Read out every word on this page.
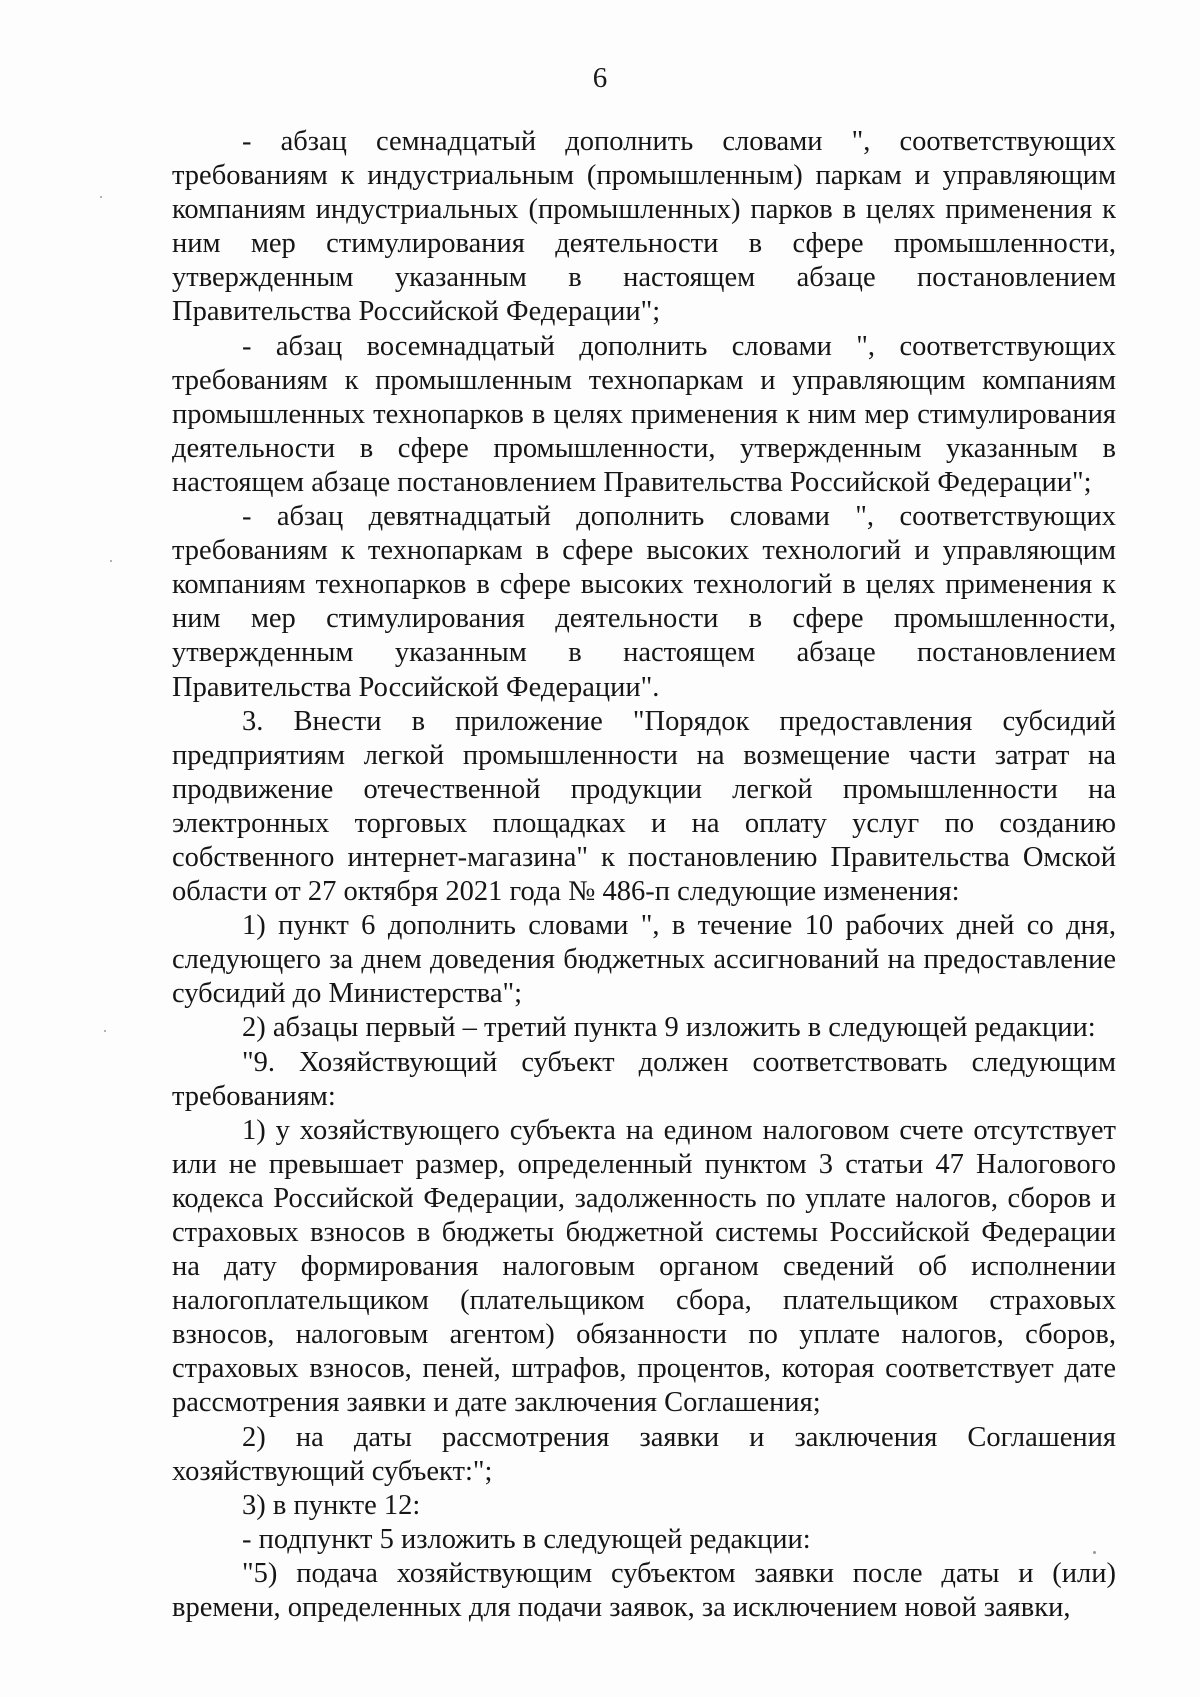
6

- абзац семнадцатый дополнить словами ", соответствующих требованиям к индустриальным (промышленным) паркам и управляющим компаниям индустриальных (промышленных) парков в целях применения к ним мер стимулирования деятельности в сфере промышленности, утвержденным указанным в настоящем абзаце постановлением Правительства Российской Федерации";

- абзац восемнадцатый дополнить словами ", соответствующих требованиям к промышленным технопаркам и управляющим компаниям промышленных технопарков в целях применения к ним мер стимулирования деятельности в сфере промышленности, утвержденным указанным в настоящем абзаце постановлением Правительства Российской Федерации";

- абзац девятнадцатый дополнить словами ", соответствующих требованиям к технопаркам в сфере высоких технологий и управляющим компаниям технопарков в сфере высоких технологий в целях применения к ним мер стимулирования деятельности в сфере промышленности, утвержденным указанным в настоящем абзаце постановлением Правительства Российской Федерации".

3. Внести в приложение "Порядок предоставления субсидий предприятиям легкой промышленности на возмещение части затрат на продвижение отечественной продукции легкой промышленности на электронных торговых площадках и на оплату услуг по созданию собственного интернет-магазина" к постановлению Правительства Омской области от 27 октября 2021 года № 486-п следующие изменения:

1) пункт 6 дополнить словами ", в течение 10 рабочих дней со дня, следующего за днем доведения бюджетных ассигнований на предоставление субсидий до Министерства";

2) абзацы первый – третий пункта 9 изложить в следующей редакции:

"9. Хозяйствующий субъект должен соответствовать следующим требованиям:

1) у хозяйствующего субъекта на едином налоговом счете отсутствует или не превышает размер, определенный пунктом 3 статьи 47 Налогового кодекса Российской Федерации, задолженность по уплате налогов, сборов и страховых взносов в бюджеты бюджетной системы Российской Федерации на дату формирования налоговым органом сведений об исполнении налогоплательщиком (плательщиком сбора, плательщиком страховых взносов, налоговым агентом) обязанности по уплате налогов, сборов, страховых взносов, пеней, штрафов, процентов, которая соответствует дате рассмотрения заявки и дате заключения Соглашения;

2) на даты рассмотрения заявки и заключения Соглашения хозяйствующий субъект:";

3) в пункте 12:

- подпункт 5 изложить в следующей редакции:

"5) подача хозяйствующим субъектом заявки после даты и (или) времени, определенных для подачи заявок, за исключением новой заявки,
